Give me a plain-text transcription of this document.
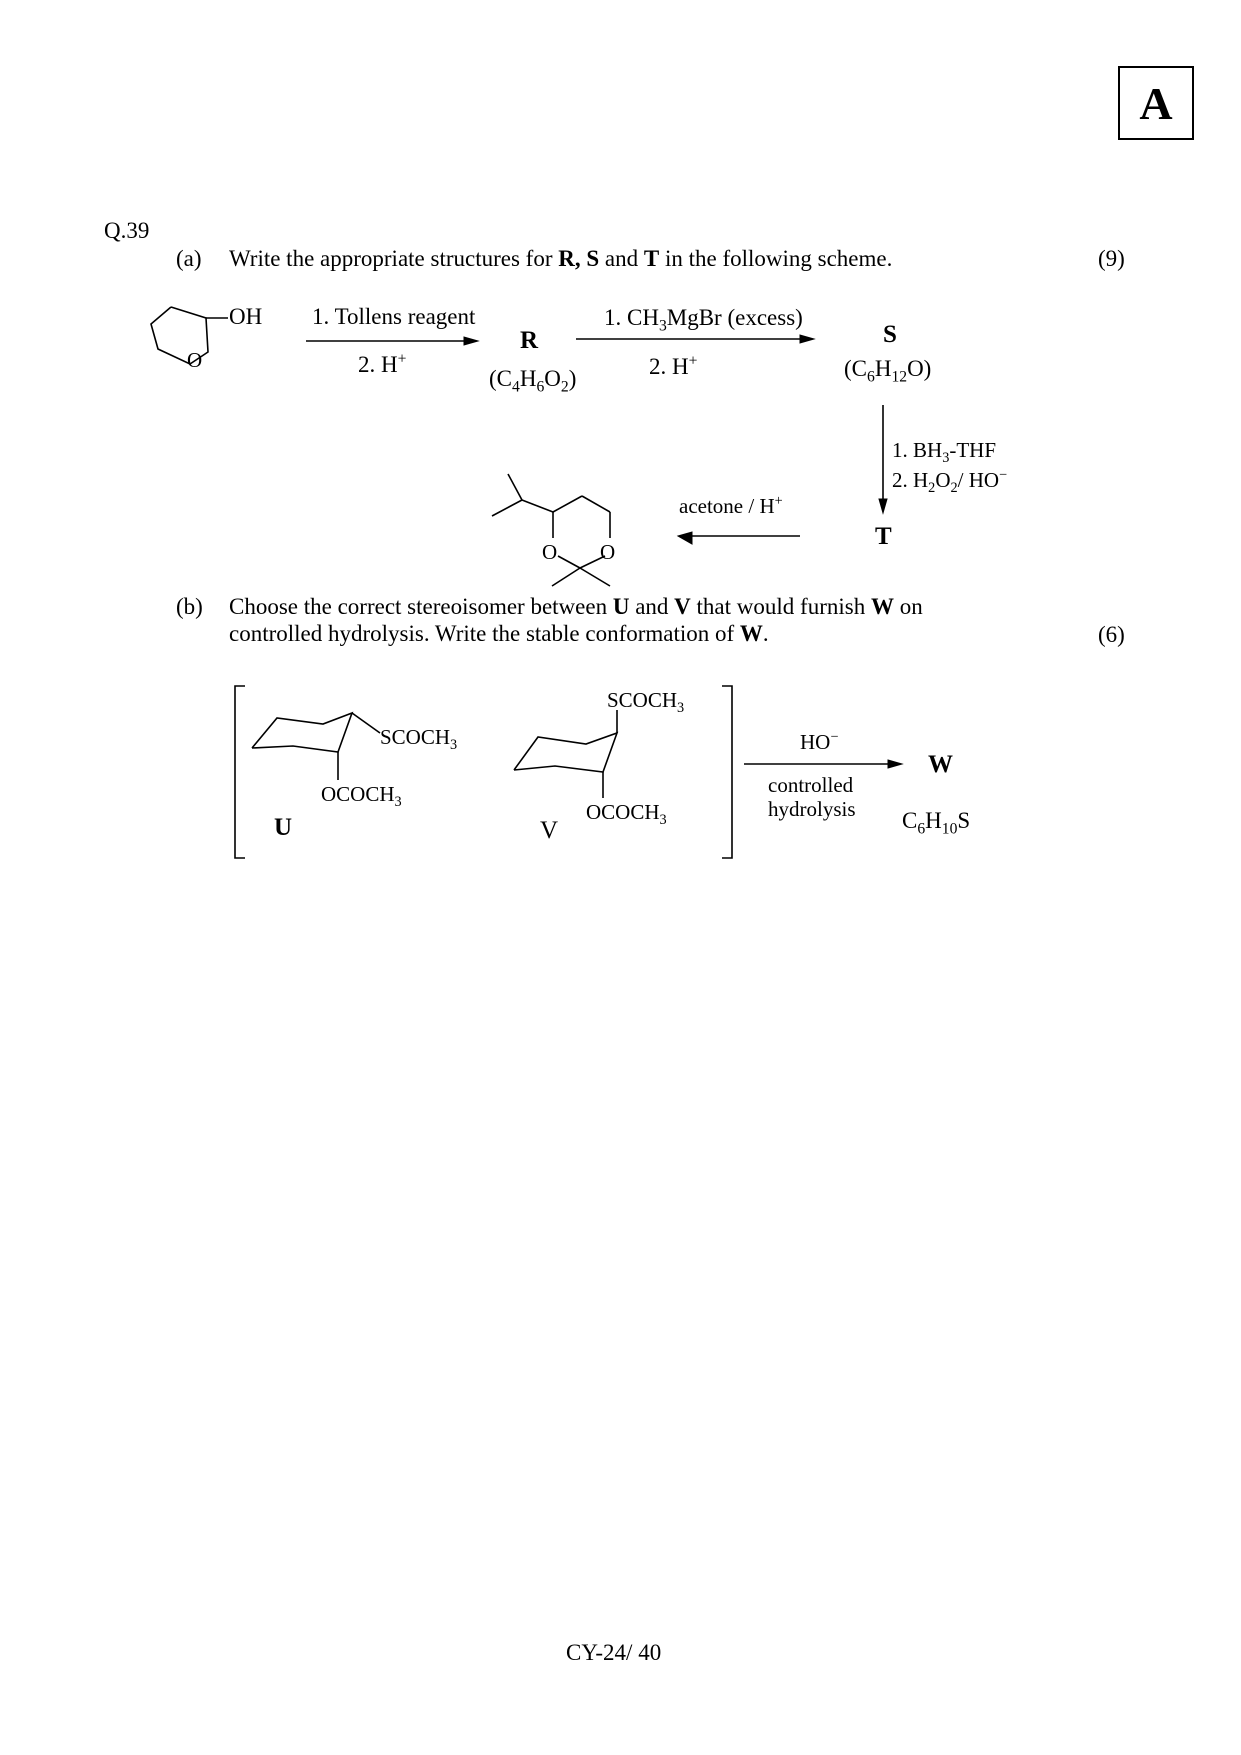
A
Q.39
(a) Write the appropriate structures for R, S and T in the following scheme.	(9)
OH
O
1. Tollens reagent
2. H+
R
$(C_4H_6O_2)$
1. $CH_3MgBr$ (excess)
2. H+
S
$(C_6H_{12}O)$
1. $BH_3$-THF
2. $H_2O_2/$ HO−
T
acetone / H+
O O
(b) Choose the correct stereoisomer between U and V that would furnish W on
controlled hydrolysis. Write the stable conformation of W.	(6)
$SCOCH_3$
$OCOCH_3$
U
$SCOCH_3$
$OCOCH_3$
V
HO−
controlled
hydrolysis
W
$C_6H_{10}S$
CY-24/ 40
